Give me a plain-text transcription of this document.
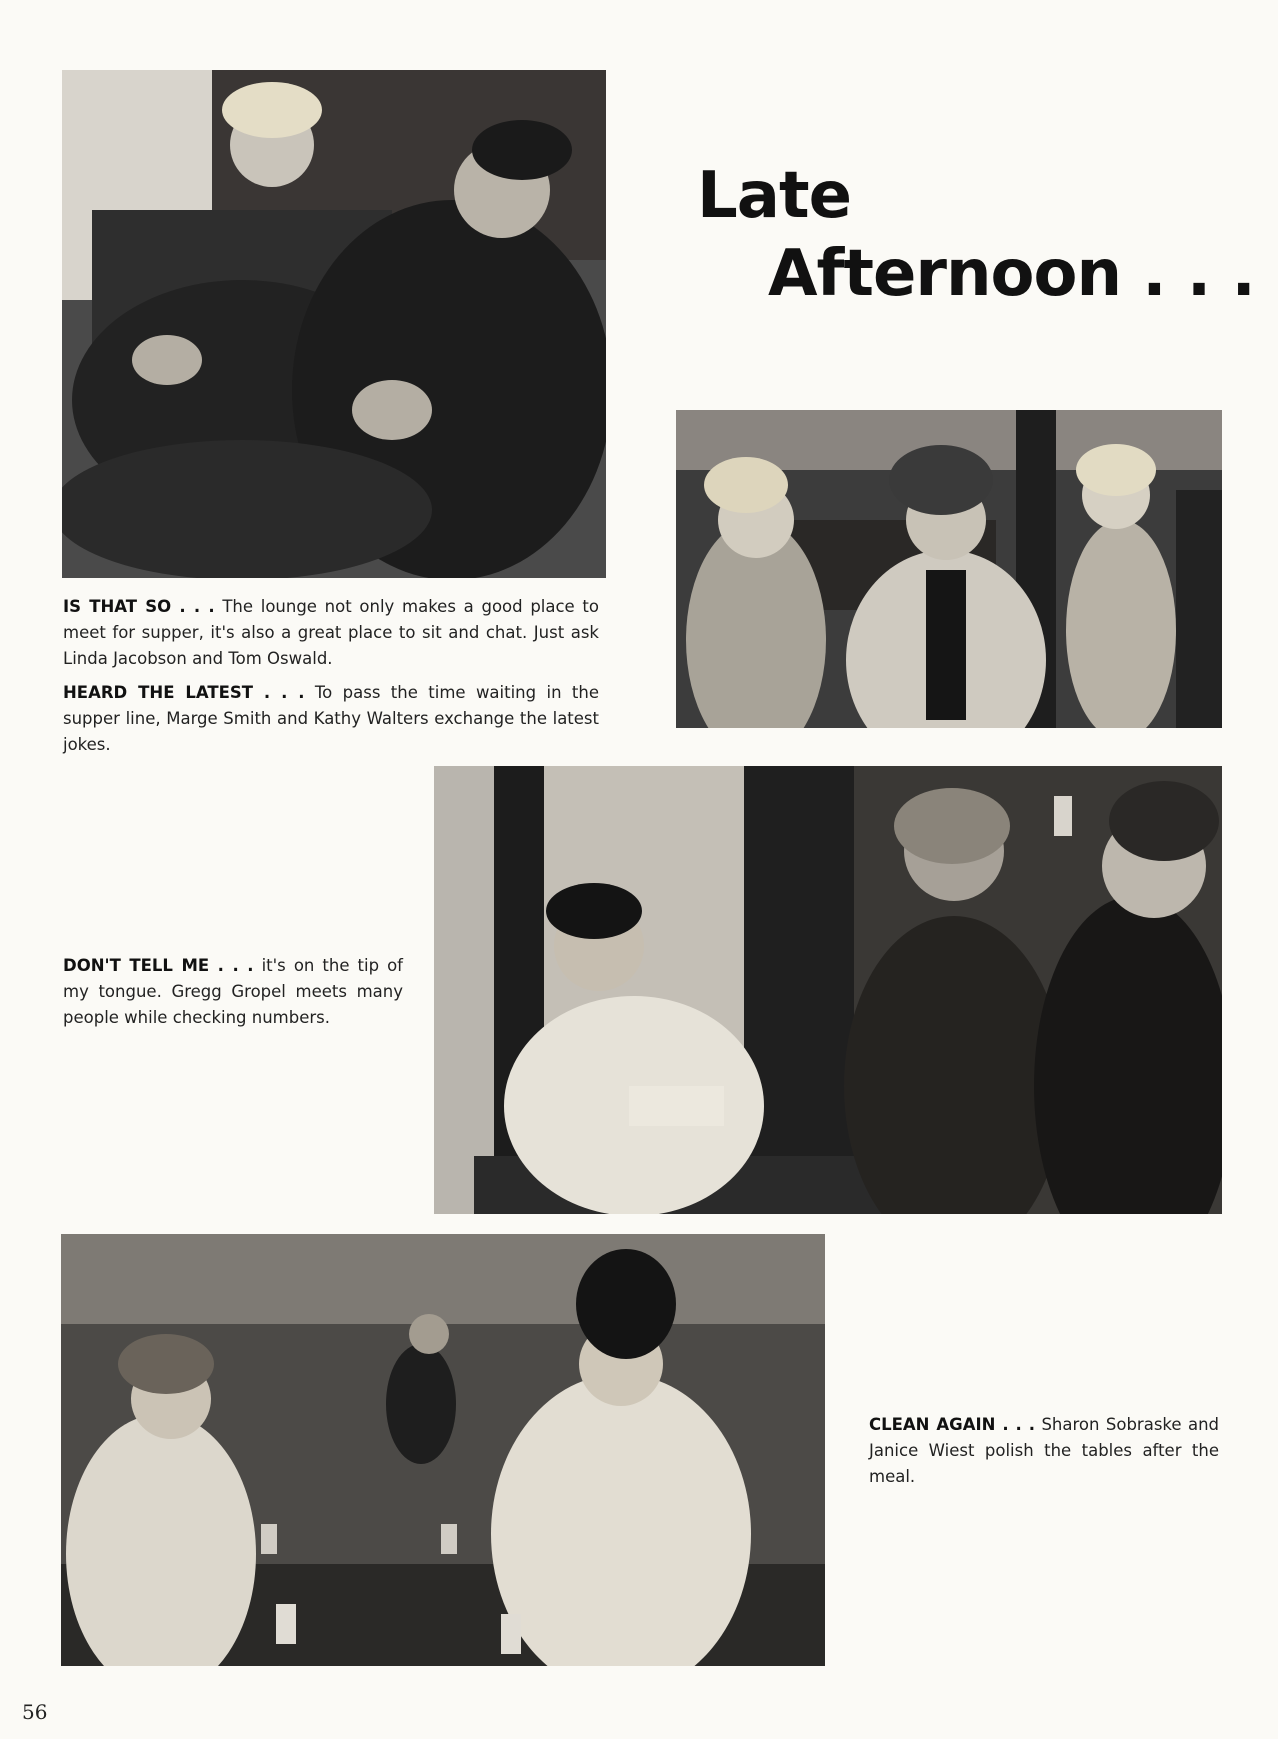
Late
Afternoon . . .
IS THAT SO . . . The lounge not only makes a good place to meet for supper, it's also a great place to sit and chat. Just ask Linda Jacobson and Tom Oswald.
HEARD THE LATEST . . . To pass the time waiting in the supper line, Marge Smith and Kathy Walters exchange the latest jokes.
DON'T TELL ME . . . it's on the tip of my tongue. Gregg Gropel meets many people while checking numbers.
CLEAN AGAIN . . . Sharon Sobraske and Janice Wiest polish the tables after the meal.
56
